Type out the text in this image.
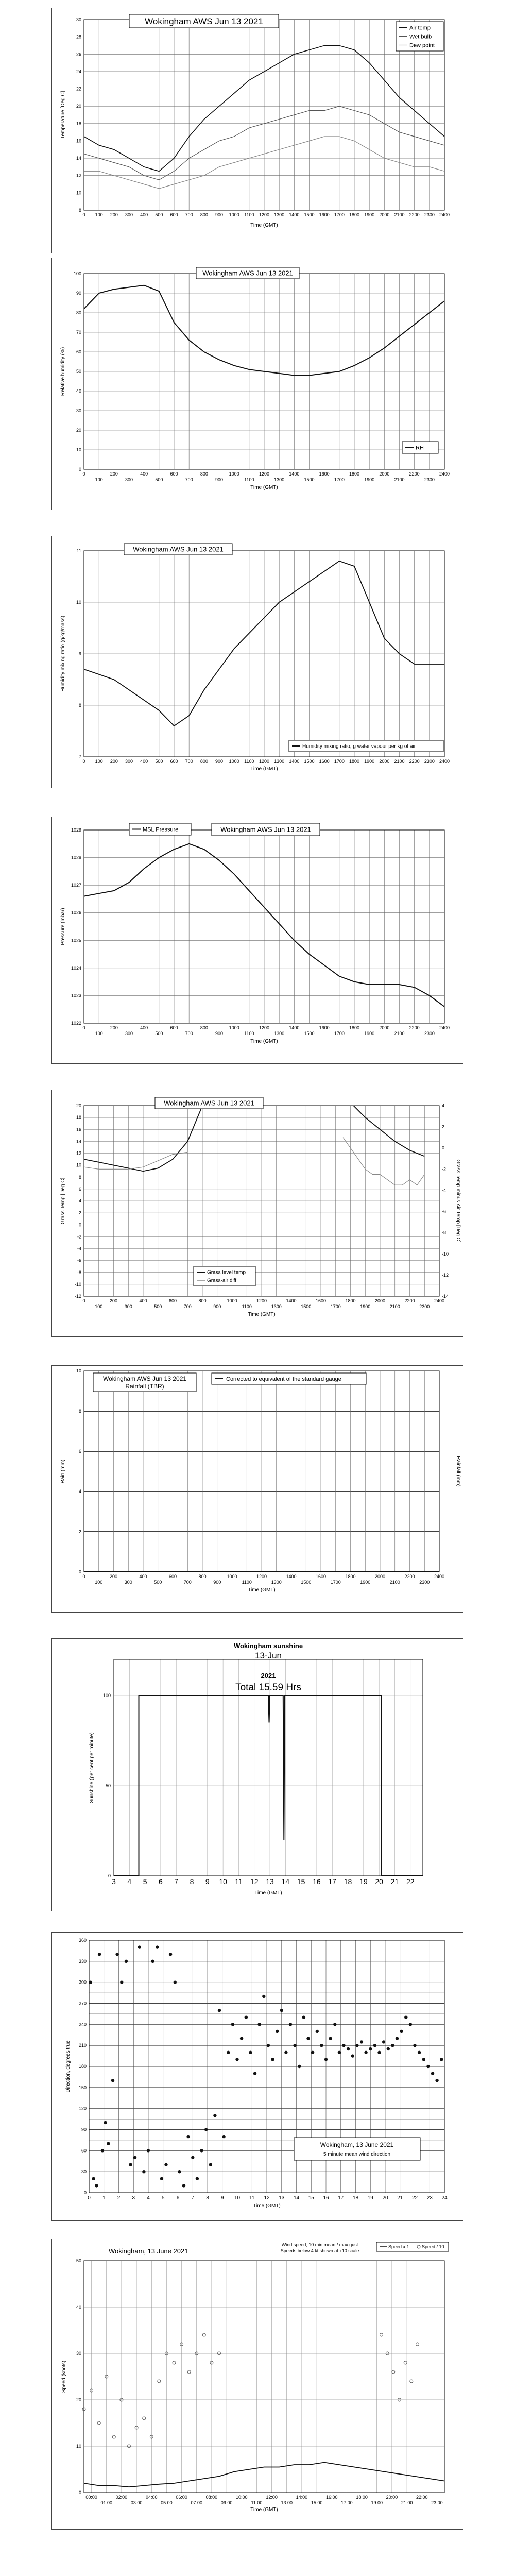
8
10
12
14
16
18
20
22
24
26
28
30
0 100 200 300 400 500 600 700 800 900 1000 1100 1200 1300 1400 1500 1600 1700 1800 1900 2000 2100 2200 2300 2400
Wokingham AWS Jun 13 2021
Air temp
Wet bulb
Dew point
Time (GMT)
Temperature [Deg C]
0
10
20
30
40
50
60
70
80
90
100
0
100
200
300
400
500
600
700
800
900
1000
1100
1200
1300
1400
1500
1600
1700
1800
1900
2000
2100
2200
2300
2400
Wokingham AWS Jun 13 2021
RH
Time (GMT)
Relative humidity (%)
7
8
9
10
11
0 100 200 300 400 500 600 700 800 900 1000 1100 1200 1300 1400 1500 1600 1700 1800 1900 2000 2100 2200 2300 2400
Wokingham AWS Jun 13 2021
Humidity mixing ratio, g water vapour per kg of air
Time (GMT)
Humidity mixing ratio (g/kg/mass)
1022
1023
1024
1025
1026
1027
1028
1029
0
100
200
300
400
500
600
700
800
900
1000
1100
1200
1300
1400
1500
1600
1700
1800
1900
2000
2100
2200
2300
2400
MSL Pressure	Wokingham AWS Jun 13 2021
Time (GMT)
Pressure (mbar)
-12
-10
-8
-6
-4
-2
0
2
4
6
8
10
12
14
16
18
20
-14
-12
-10
-8
-6
-4
-2
0
2
4
0
100
200
300
400
500
600
700
800
900
1000
1100
1200
1300
1400
1500
1600
1700
1800
1900
2000
2100
2200
2300
2400
Wokingham AWS Jun 13 2021
Grass level temp
Grass-air diff
Time (GMT)
Grass Temp [Deg C]	Grass Temp minus Air Temp [Deg C]
0
2
4
6
8
10
0
100
200
300
400
500
600
700
800
900
1000
1100
1200
1300
1400
1500
1600
1700
1800
1900
2000
2100
2200
2300
2400
Wokingham AWS Jun 13 2021
Rainfall (TBR)
Corrected to equivalent of the standard gauge
Time (GMT)
Rain (mm)	Rainfall (mm)
3 4 5 6 7 8 9 10 11 12 13 14 15 16 17 18 19 20 21 22
0
50
100
Wokingham sunshine
13-Jun
2021
Total 15.59 Hrs
Time (GMT)
Sunshine (per cent per minute)
0
30
60
90
120
150
180
210
240
270
300
330
360
0 1 2 3 4 5 6 7 8 9 10 11 12 13 14 15 16 17 18 19 20 21 22 23 24
Wokingham, 13 June 2021
5 minute mean wind direction
Time (GMT)
Direction, degrees true
0
10
20
30
40
50
00:00
01:00
02:00
03:00
04:00
05:00
06:00
07:00
08:00
09:00
10:00
11:00
12:00
13:00
14:00
15:00
16:00
17:00
18:00
19:00
20:00
21:00
22:00
23:00
Wokingham, 13 June 2021
Wind speed, 10 min mean / max gust
Speeds below 4 kt shown at x10 scale
Speed x 1	Speed / 10
Time (GMT)
Speed (knots)
